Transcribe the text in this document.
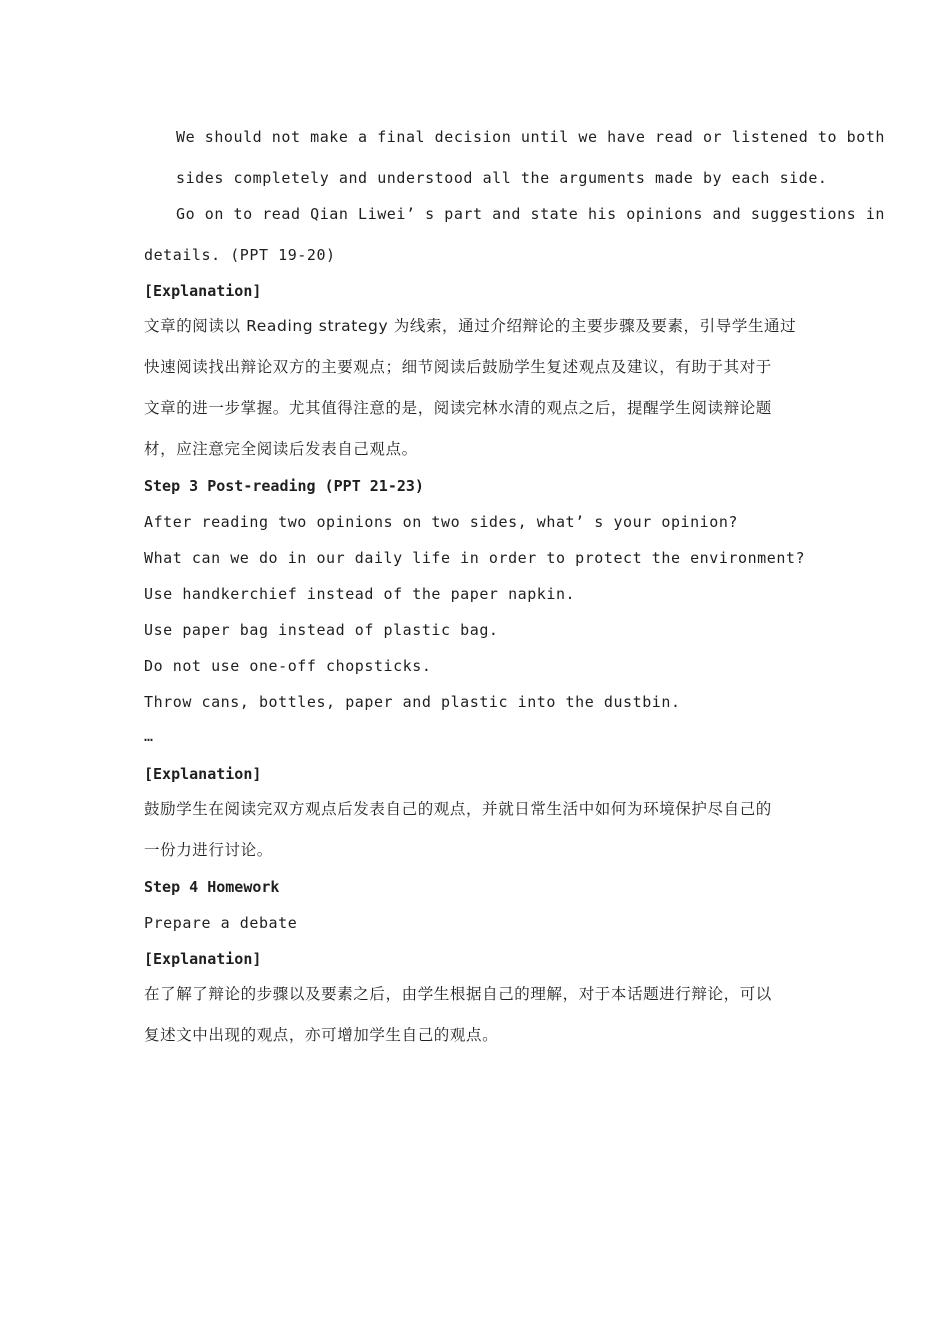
We should not make a final decision until we have read or listened to both
sides completely and understood all the arguments made by each side.
Go on to read Qian Liwei’ s part and state his opinions and suggestions in
details. (PPT 19-20)
[Explanation]
文章的阅读以 Reading strategy 为线索，通过介绍辩论的主要步骤及要素，引导学生通过
快速阅读找出辩论双方的主要观点；细节阅读后鼓励学生复述观点及建议，有助于其对于
文章的进一步掌握。尤其值得注意的是，阅读完林水清的观点之后，提醒学生阅读辩论题
材，应注意完全阅读后发表自己观点。
Step 3 Post-reading (PPT 21-23)
After reading two opinions on two sides, what’ s your opinion?
What can we do in our daily life in order to protect the environment?
Use handkerchief instead of the paper napkin.
Use paper bag instead of plastic bag.
Do not use one-off chopsticks.
Throw cans, bottles, paper and plastic into the dustbin.
…
[Explanation]
鼓励学生在阅读完双方观点后发表自己的观点，并就日常生活中如何为环境保护尽自己的
一份力进行讨论。
Step 4 Homework
Prepare a debate
[Explanation]
在了解了辩论的步骤以及要素之后，由学生根据自己的理解，对于本话题进行辩论，可以
复述文中出现的观点，亦可增加学生自己的观点。
